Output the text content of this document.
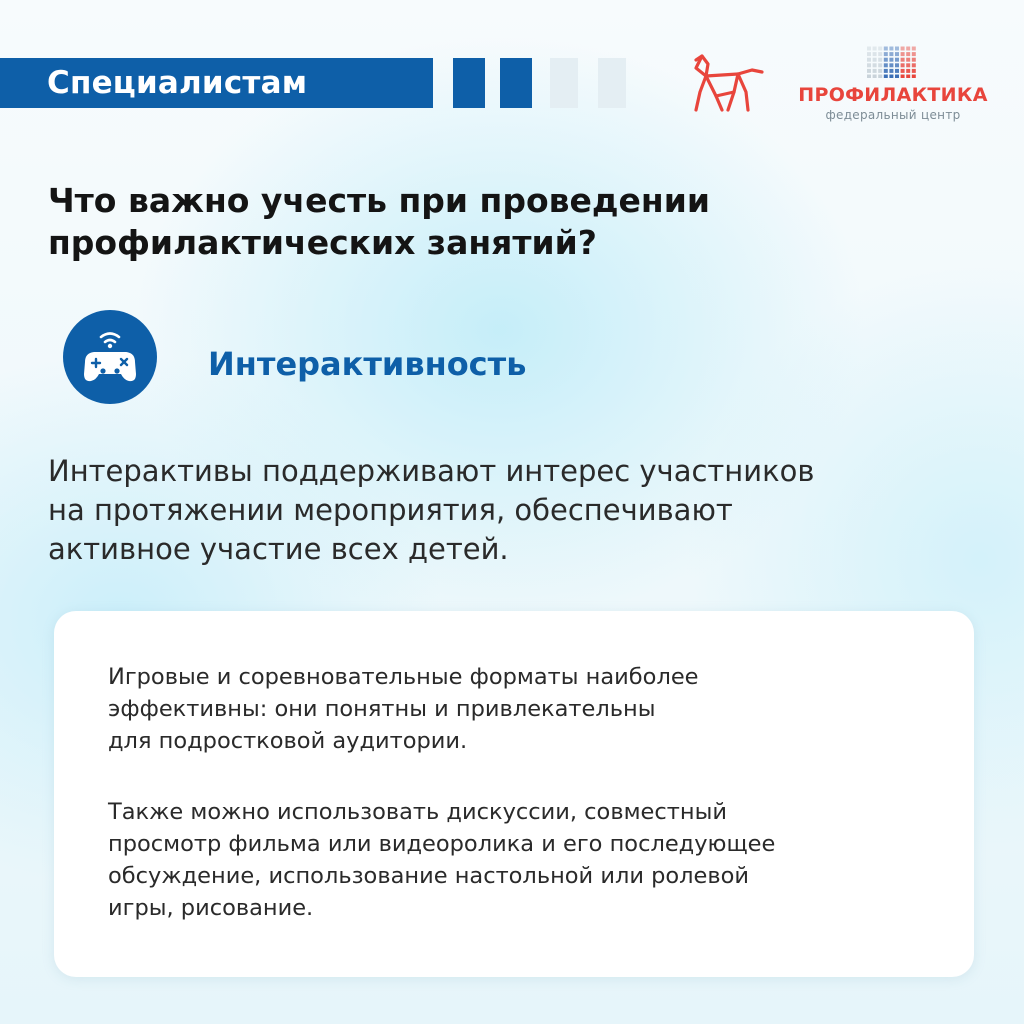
Специалистам	ПРОФИЛАКТИКА
федеральный центр
Что важно учесть при проведении
профилактических занятий?
Интерактивность
Интерактивы поддерживают интерес участников
на протяжении мероприятия, обеспечивают
активное участие всех детей.
Игровые и соревновательные форматы наиболее
эффективны: они понятны и привлекательны
для подростковой аудитории.
Также можно использовать дискуссии, совместный
просмотр фильма или видеоролика и его последующее
обсуждение, использование настольной или ролевой
игры, рисование.
